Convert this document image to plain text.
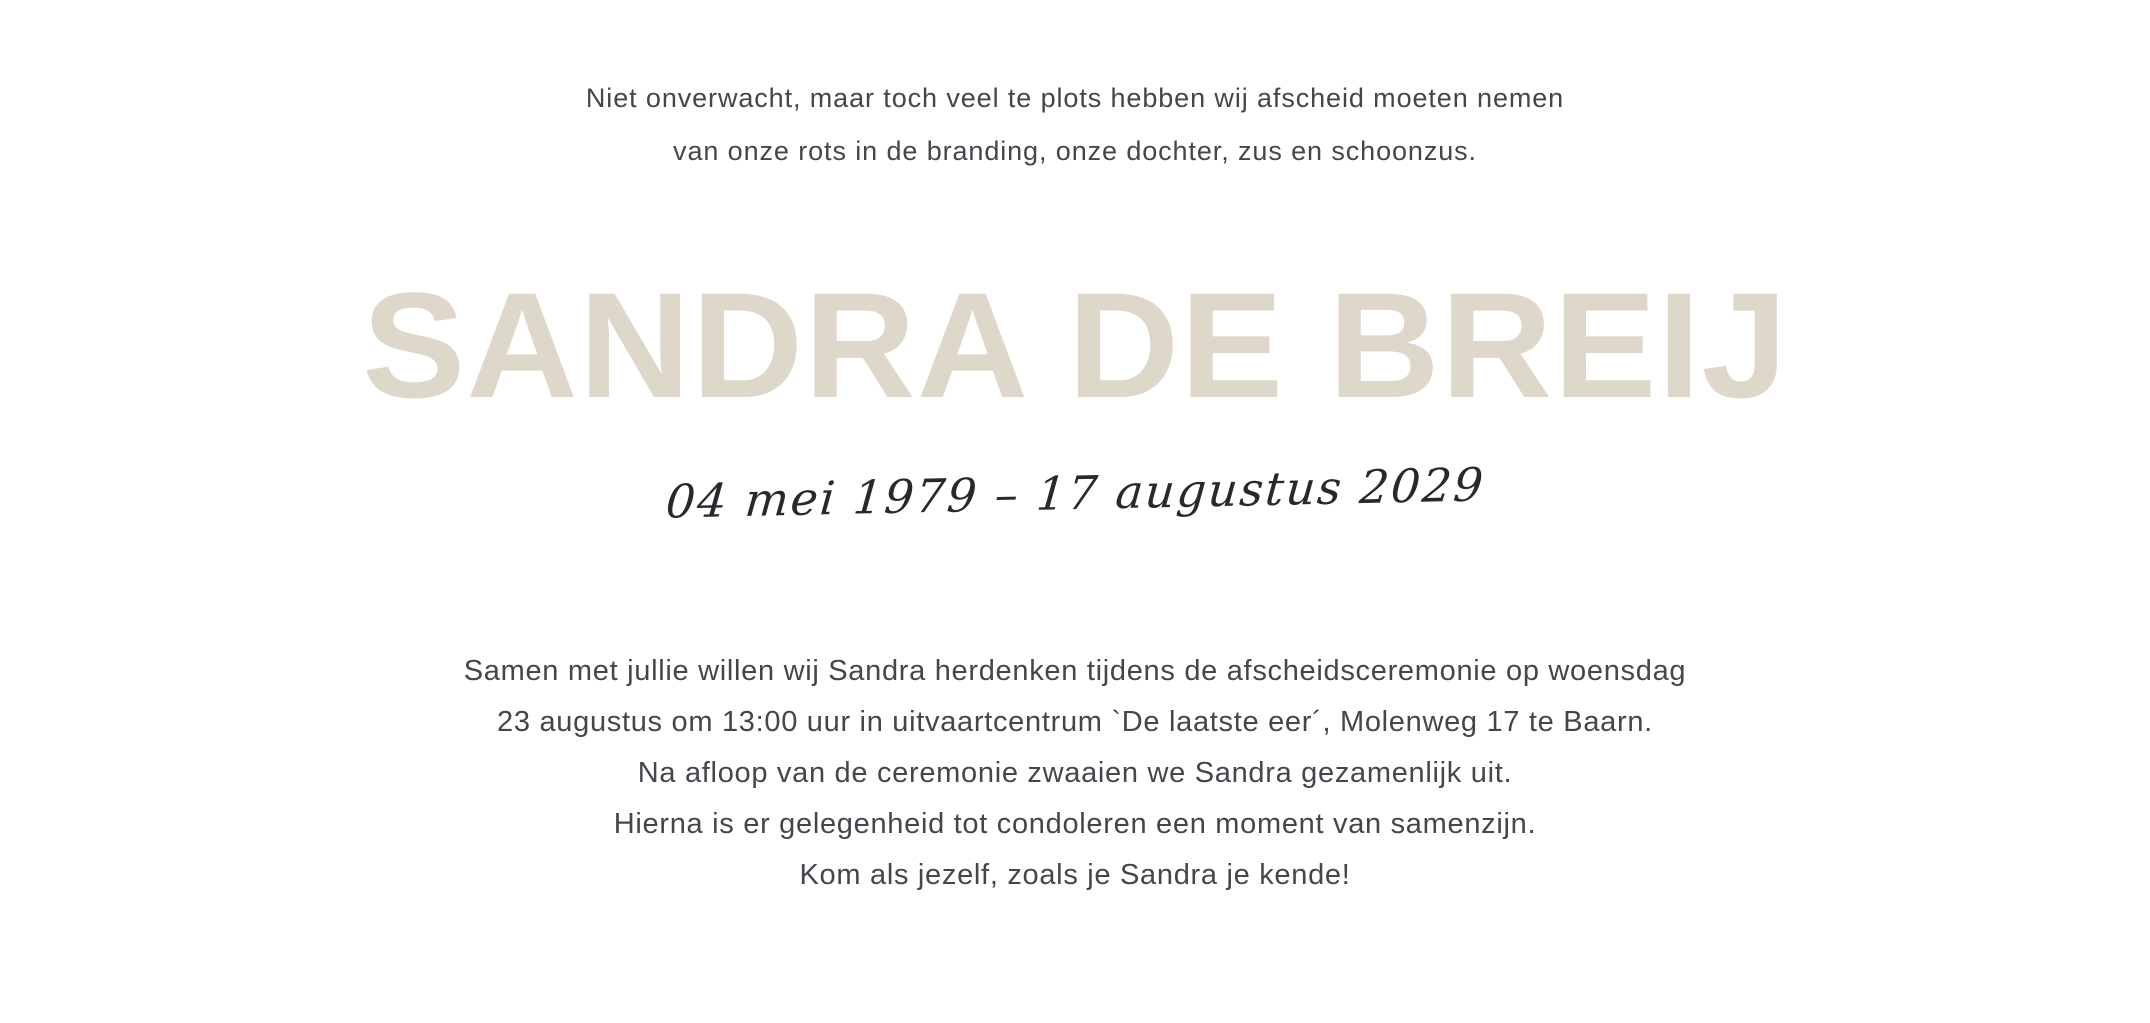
Niet onverwacht, maar toch veel te plots hebben wij afscheid moeten nemen
van onze rots in de branding, onze dochter, zus en schoonzus.
SANDRA DE BREIJ
04 mei 1979 – 17 augustus 2029
Samen met jullie willen wij Sandra herdenken tijdens de afscheidsceremonie op woensdag
23 augustus om 13:00 uur in uitvaartcentrum `De laatste eer´, Molenweg 17 te Baarn.
Na afloop van de ceremonie zwaaien we Sandra gezamenlijk uit.
Hierna is er gelegenheid tot condoleren een moment van samenzijn.
Kom als jezelf, zoals je Sandra je kende!
